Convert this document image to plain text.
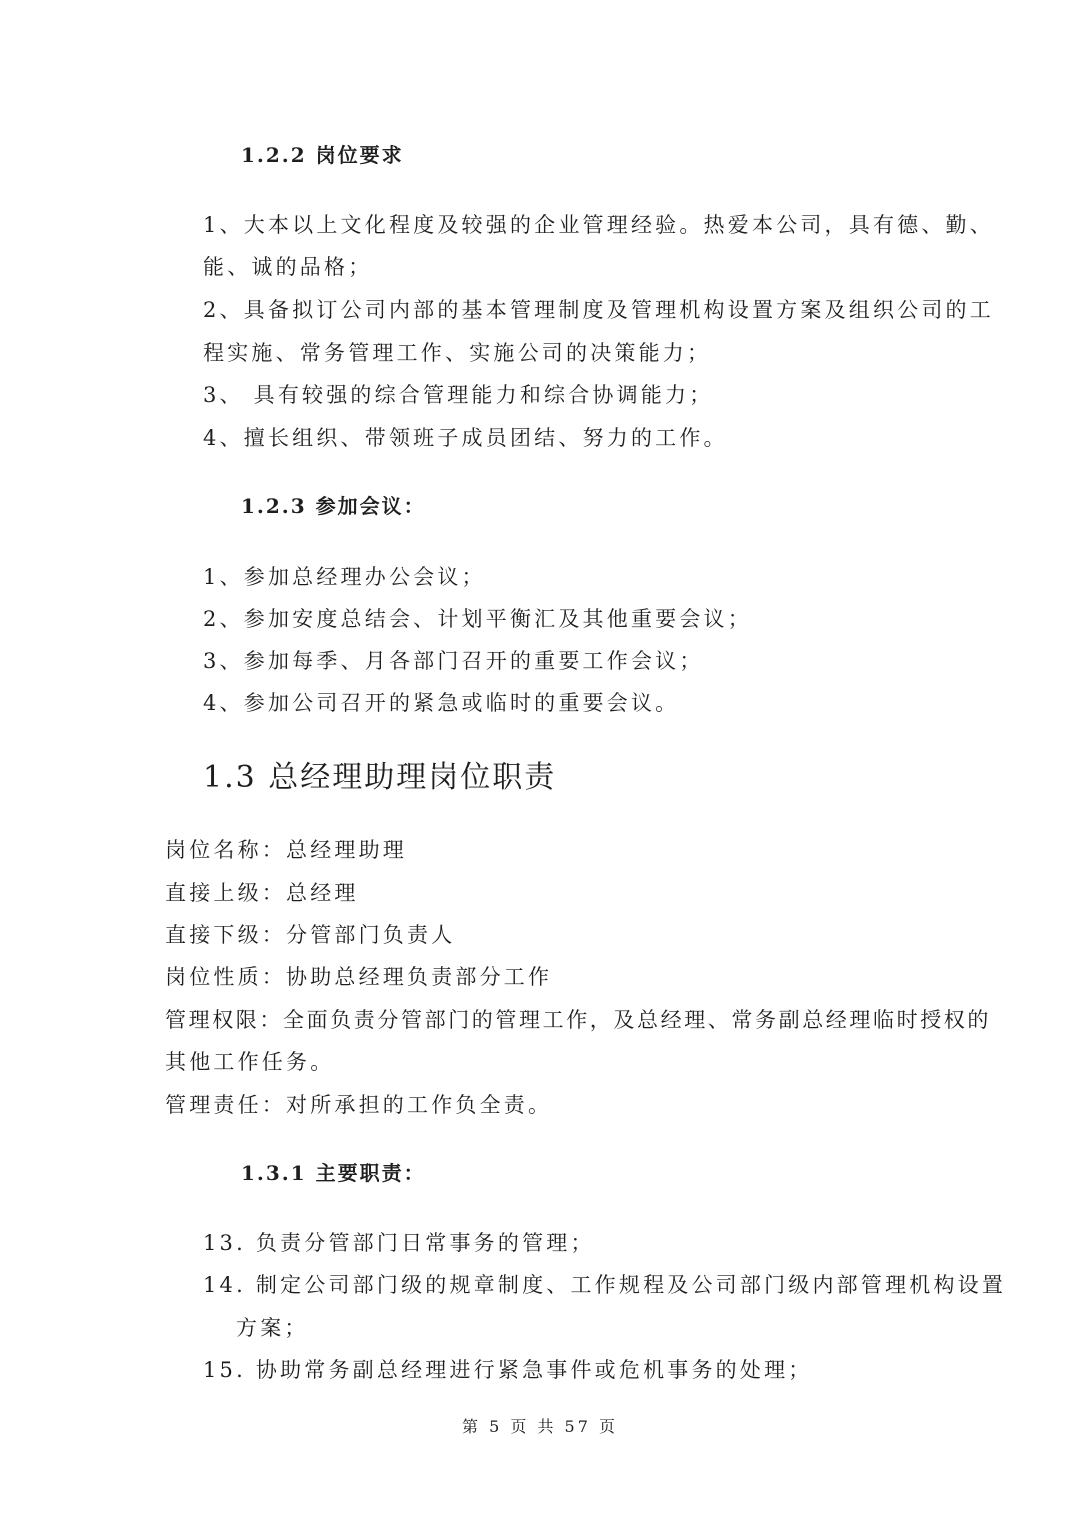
1.2.2 岗位要求
1、大本以上文化程度及较强的企业管理经验。热爱本公司，具有德、勤、
能、诚的品格；
2、具备拟订公司内部的基本管理制度及管理机构设置方案及组织公司的工
程实施、常务管理工作、实施公司的决策能力；
3、 具有较强的综合管理能力和综合协调能力；
4、擅长组织、带领班子成员团结、努力的工作。
1.2.3 参加会议：
1、参加总经理办公会议；
2、参加安度总结会、计划平衡汇及其他重要会议；
3、参加每季、月各部门召开的重要工作会议；
4、参加公司召开的紧急或临时的重要会议。
1.3 总经理助理岗位职责
岗位名称：总经理助理
直接上级：总经理
直接下级：分管部门负责人
岗位性质：协助总经理负责部分工作
管理权限：全面负责分管部门的管理工作，及总经理、常务副总经理临时授权的
其他工作任务。
管理责任：对所承担的工作负全责。
1.3.1 主要职责：
13. 负责分管部门日常事务的管理；
14. 制定公司部门级的规章制度、工作规程及公司部门级内部管理机构设置
方案；
15. 协助常务副总经理进行紧急事件或危机事务的处理；
第 5 页 共 57 页
